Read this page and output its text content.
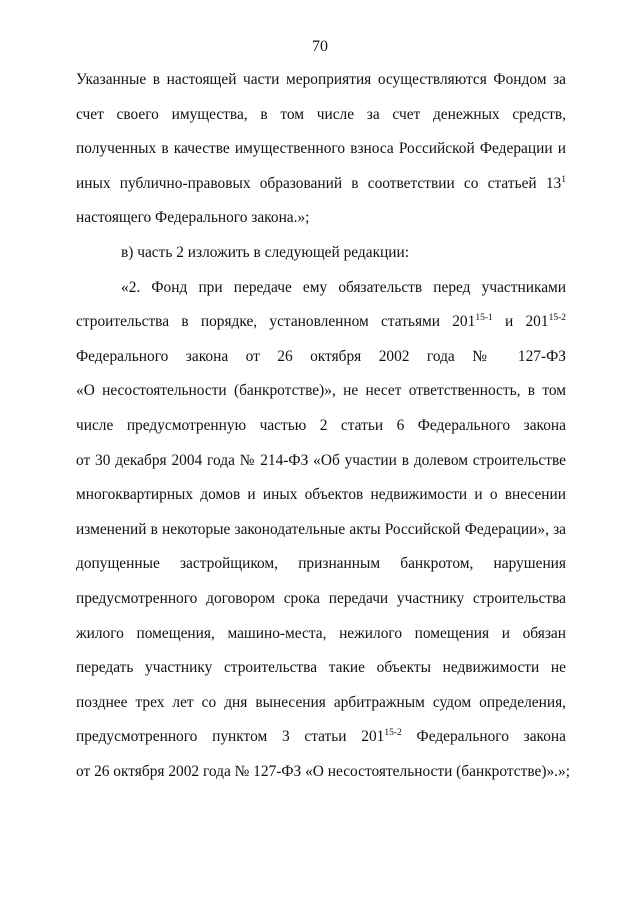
70
Указанные в настоящей части мероприятия осуществляются Фондом за
счет своего имущества, в том числе за счет денежных средств,
полученных в качестве имущественного взноса Российской Федерации и
иных публично-правовых образований в соответствии со статьей $13^1$
настоящего Федерального закона.»;
в) часть 2 изложить в следующей редакции:
«2. Фонд при передаче ему обязательств перед участниками
строительства в порядке, установленном статьями 201$^{15-1}$ и 201$^{15-2}$
Федерального закона от 26 октября 2002 года № 127-ФЗ
«О несостоятельности (банкротстве)», не несет ответственность, в том
числе предусмотренную частью 2 статьи 6 Федерального закона
от 30 декабря 2004 года № 214-ФЗ «Об участии в долевом строительстве
многоквартирных домов и иных объектов недвижимости и о внесении
изменений в некоторые законодательные акты Российской Федерации», за
допущенные застройщиком, признанным банкротом, нарушения
предусмотренного договором срока передачи участнику строительства
жилого помещения, машино-места, нежилого помещения и обязан
передать участнику строительства такие объекты недвижимости не
позднее трех лет со дня вынесения арбитражным судом определения,
предусмотренного пунктом 3 статьи 201$^{15-2}$ Федерального закона
от 26 октября 2002 года № 127-ФЗ «О несостоятельности (банкротстве)».»;
